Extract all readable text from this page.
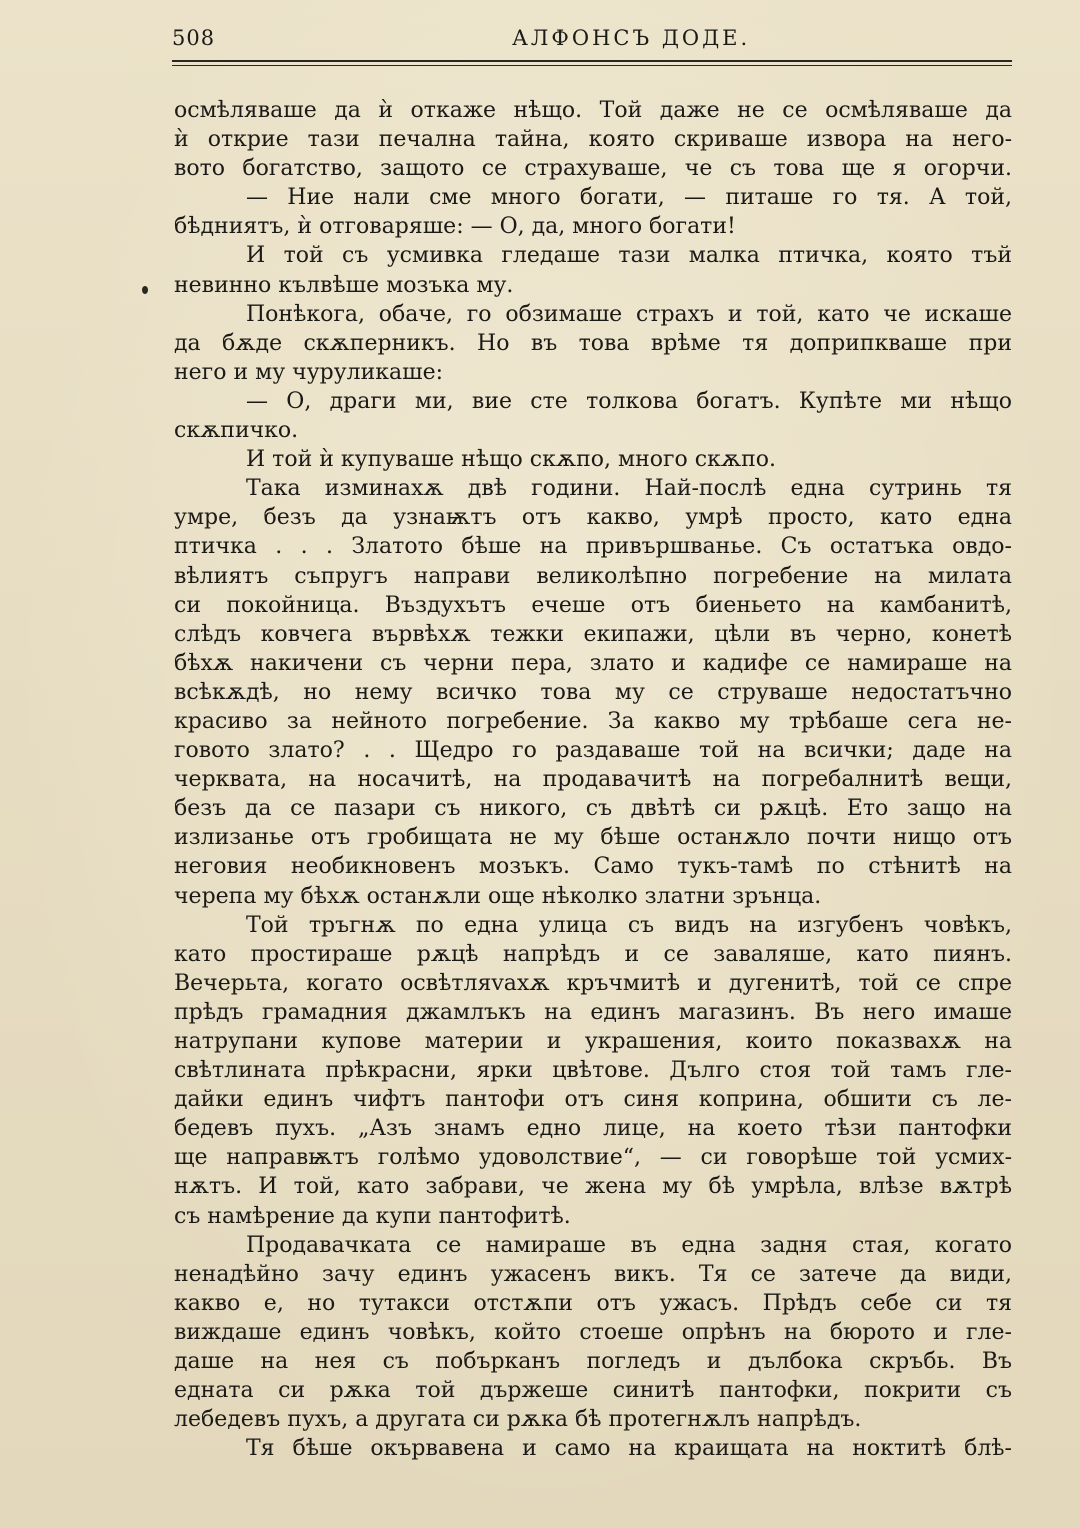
508	АЛФОНСЪ ДОДЕ.
осмѣляваше да ѝ откаже нѣщо. Той даже не се осмѣляваше да
ѝ открие тази печална тайна, която скриваше извора на него-
вото богатство, защото се страхуваше, че съ това ще я огорчи.
— Ние нали сме много богати, — питаше го тя. А той,
бѣдниятъ, ѝ отговаряше: — О, да, много богати!
И той съ усмивка гледаше тази малка птичка, която тъй
невинно кълвѣше мозъка му.
Понѣкога, обаче, го обзимаше страхъ и той, като че искаше
да бѫде скѫперникъ. Но въ това врѣме тя доприпкваше при
него и му чуруликаше:
— О, драги ми, вие сте толкова богатъ. Купѣте ми нѣщо
скѫпичко.
И той ѝ купуваше нѣщо скѫпо, много скѫпо.
Така изминахѫ двѣ години. Най-послѣ една сутринь тя
умре, безъ да узнаѭтъ отъ какво, умрѣ просто, като една
птичка . . . Златото бѣше на привършванье. Съ остатъка овдо-
вѣлиятъ съпругъ направи великолѣпно погребение на милата
си покойница. Въздухътъ ечеше отъ биеньето на камбанитѣ,
слѣдъ ковчега вървѣхѫ тежки екипажи, цѣли въ черно, конетѣ
бѣхѫ накичени съ черни пера, злато и кадифе се намираше на
всѣкѫдѣ, но нему всичко това му се струваше недостатъчно
красиво за нейното погребение. За какво му трѣбаше сега не-
говото злато? . . Щедро го раздаваше той на всички; даде на
черквата, на носачитѣ, на продавачитѣ на погребалнитѣ вещи,
безъ да се пазари съ никого, съ двѣтѣ си рѫцѣ. Ето защо на
излизанье отъ гробищата не му бѣше останѫло почти нищо отъ
неговия необикновенъ мозъкъ. Само тукъ-тамѣ по стѣнитѣ на
черепа му бѣхѫ останѫли още нѣколко златни зрънца.
Той тръгнѫ по една улица съ видъ на изгубенъ човѣкъ,
като простираше рѫцѣ напрѣдъ и се заваляше, като пиянъ.
Вечерьта, когато освѣтляvахѫ кръчмитѣ и дугенитѣ, той се спре
прѣдъ грамадния джамлъкъ на единъ магазинъ. Въ него имаше
натрупани купове материи и украшения, които показвахѫ на
свѣтлината прѣкрасни, ярки цвѣтове. Дълго стоя той тамъ гле-
дайки единъ чифтъ пантофи отъ синя коприна, обшити съ ле-
бедевъ пухъ. „Азъ знамъ едно лице, на което тѣзи пантофки
ще направѭтъ голѣмо удоволствие“, — си говорѣше той усмих-
нѫтъ. И той, като забрави, че жена му бѣ умрѣла, влѣзе вѫтрѣ
съ намѣрение да купи пантофитѣ.
Продавачката се намираше въ една задня стая, когато
ненадѣйно зачу единъ ужасенъ викъ. Тя се затече да види,
какво е, но тутакси отстѫпи отъ ужасъ. Прѣдъ себе си тя
виждаше единъ човѣкъ, който стоеше опрѣнъ на бюрото и гле-
даше на нея съ побърканъ погледъ и дълбока скръбь. Въ
едната си рѫка той държеше синитѣ пантофки, покрити съ
лебедевъ пухъ, а другата си рѫка бѣ протегнѫлъ напрѣдъ.
Тя бѣше окървавена и само на краищата на ноктитѣ блѣ-
